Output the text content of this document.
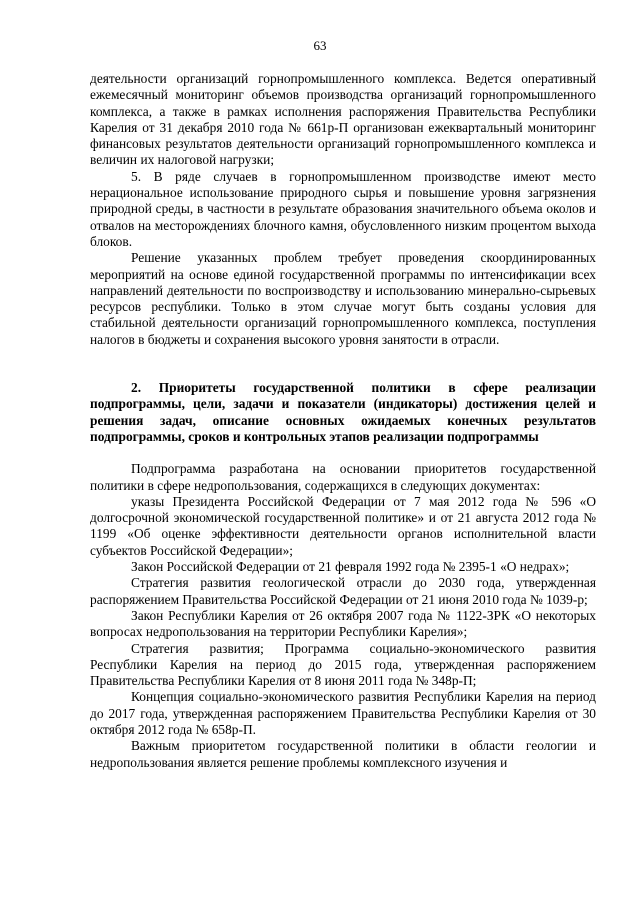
63

деятельности организаций горнопромышленного комплекса. Ведется оперативный ежемесячный мониторинг объемов производства организаций горнопромышленного комплекса, а также в рамках исполнения распоряжения Правительства Республики Карелия от 31 декабря 2010 года № 661р-П организован ежеквартальный мониторинг финансовых результатов деятельности организаций горнопромышленного комплекса и величин их налоговой нагрузки;

5. В ряде случаев в горнопромышленном производстве имеют место нерациональное использование природного сырья и повышение уровня загрязнения природной среды, в частности в результате образования значительного объема околов и отвалов на месторождениях блочного камня, обусловленного низким процентом выхода блоков.

Решение указанных проблем требует проведения скоординированных мероприятий на основе единой государственной программы по интенсификации всех направлений деятельности по воспроизводству и использованию минерально-сырьевых ресурсов республики. Только в этом случае могут быть созданы условия для стабильной деятельности организаций горнопромышленного комплекса, поступления налогов в бюджеты и сохранения высокого уровня занятости в отрасли.

2. Приоритеты государственной политики в сфере реализации подпрограммы, цели, задачи и показатели (индикаторы) достижения целей и решения задач, описание основных ожидаемых конечных результатов подпрограммы, сроков и контрольных этапов реализации подпрограммы

Подпрограмма разработана на основании приоритетов государственной политики в сфере недропользования, содержащихся в следующих документах:

указы Президента Российской Федерации от 7 мая 2012 года № 596 «О долгосрочной экономической государственной политике» и от 21 августа 2012 года № 1199 «Об оценке эффективности деятельности органов исполнительной власти субъектов Российской Федерации»;

Закон Российской Федерации от 21 февраля 1992 года № 2395-1 «О недрах»;

Стратегия развития геологической отрасли до 2030 года, утвержденная распоряжением Правительства Российской Федерации от 21 июня 2010 года № 1039-р;

Закон Республики Карелия от 26 октября 2007 года № 1122-ЗРК «О некоторых вопросах недропользования на территории Республики Карелия»;

Стратегия развития; Программа социально-экономического развития Республики Карелия на период до 2015 года, утвержденная распоряжением Правительства Республики Карелия от 8 июня 2011 года № 348р-П;

Концепция социально-экономического развития Республики Карелия на период до 2017 года, утвержденная распоряжением Правительства Республики Карелия от 30 октября 2012 года № 658р-П.

Важным приоритетом государственной политики в области геологии и недропользования является решение проблемы комплексного изучения и
